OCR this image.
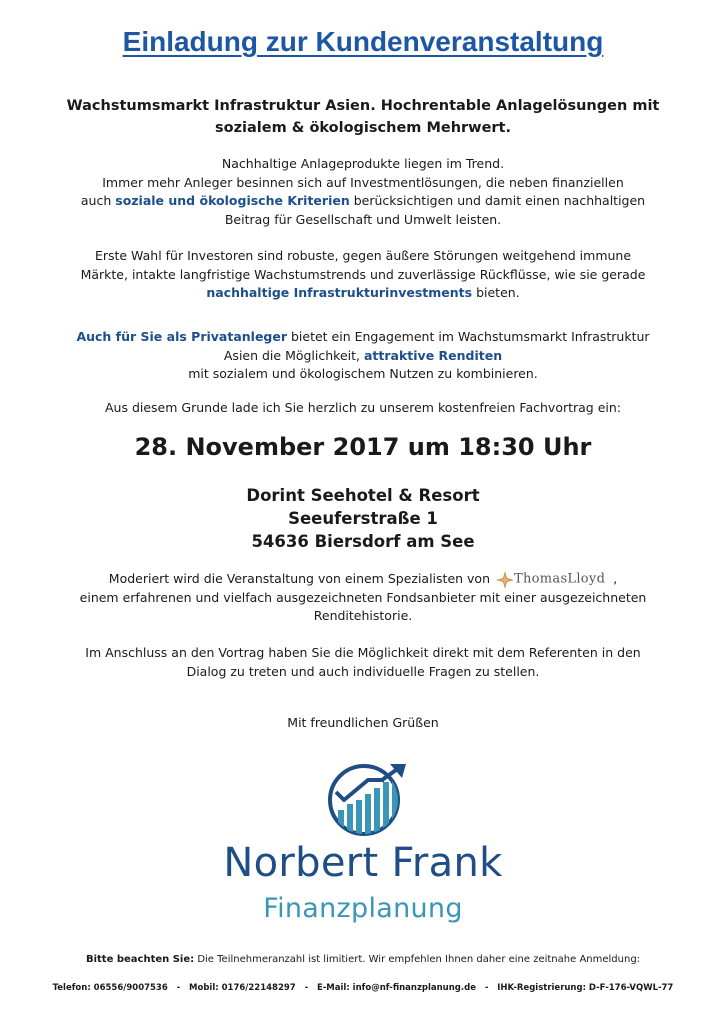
Einladung zur Kundenveranstaltung
Wachstumsmarkt Infrastruktur Asien. Hochrentable Anlagelösungen mit
sozialem & ökologischem Mehrwert.
Nachhaltige Anlageprodukte liegen im Trend.
Immer mehr Anleger besinnen sich auf Investmentlösungen, die neben finanziellen
auch soziale und ökologische Kriterien berücksichtigen und damit einen nachhaltigen
Beitrag für Gesellschaft und Umwelt leisten.
Erste Wahl für Investoren sind robuste, gegen äußere Störungen weitgehend immune
Märkte, intakte langfristige Wachstumstrends und zuverlässige Rückflüsse, wie sie gerade
nachhaltige Infrastrukturinvestments bieten.
Auch für Sie als Privatanleger bietet ein Engagement im Wachstumsmarkt Infrastruktur
Asien die Möglichkeit, attraktive Renditen
mit sozialem und ökologischem Nutzen zu kombinieren.
Aus diesem Grunde lade ich Sie herzlich zu unserem kostenfreien Fachvortrag ein:
28. November 2017 um 18:30 Uhr
Dorint Seehotel & Resort
Seeuferstraße 1
54636 Biersdorf am See
Moderiert wird die Veranstaltung von einem Spezialisten von ThomasLloyd ,
einem erfahrenen und vielfach ausgezeichneten Fondsanbieter mit einer ausgezeichneten
Renditehistorie.
Im Anschluss an den Vortrag haben Sie die Möglichkeit direkt mit dem Referenten in den
Dialog zu treten und auch individuelle Fragen zu stellen.
Mit freundlichen Grüßen
Norbert Frank
Finanzplanung
Bitte beachten Sie: Die Teilnehmeranzahl ist limitiert. Wir empfehlen Ihnen daher eine zeitnahe Anmeldung:
Telefon: 06556/9007536   -   Mobil: 0176/22148297   -   E-Mail: info@nf-finanzplanung.de   -   IHK-Registrierung: D-F-176-VQWL-77
